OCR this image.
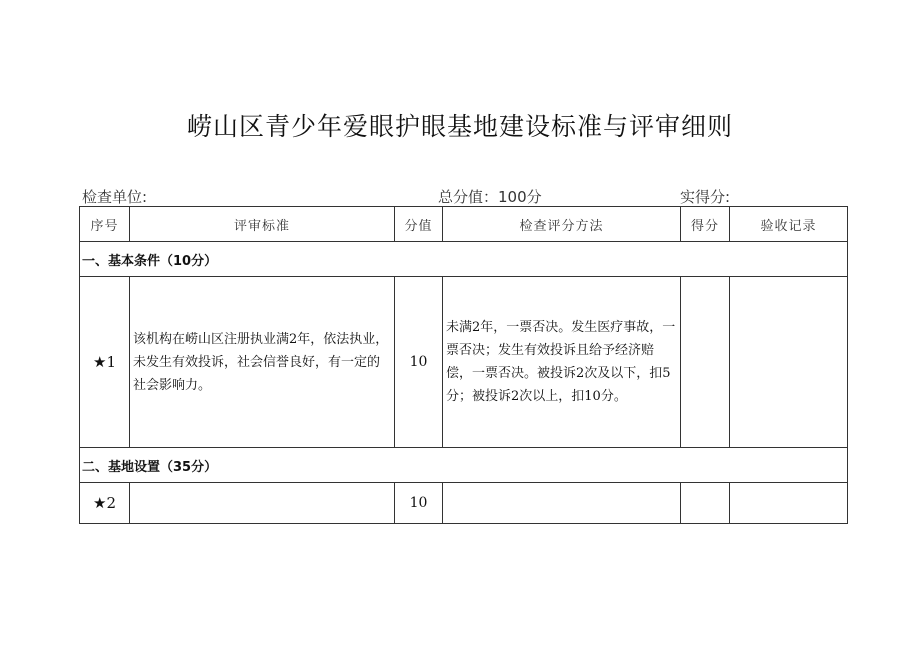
崂山区青少年爱眼护眼基地建设标准与评审细则
检查单位:	总分值：100分	实得分:
序号	评审标准	分值	检查评分方法	得分	验收记录
一、基本条件（10分）					
★1	该机构在崂山区注册执业满2年，依法执业，未发生有效投诉，社会信誉良好，有一定的社会影响力。	10	未满2年，一票否决。发生医疗事故，一票否决；发生有效投诉且给予经济赔偿，一票否决。被投诉2次及以下，扣5分；被投诉2次以上，扣10分。		
二、基地设置（35分）					
★2		10			
